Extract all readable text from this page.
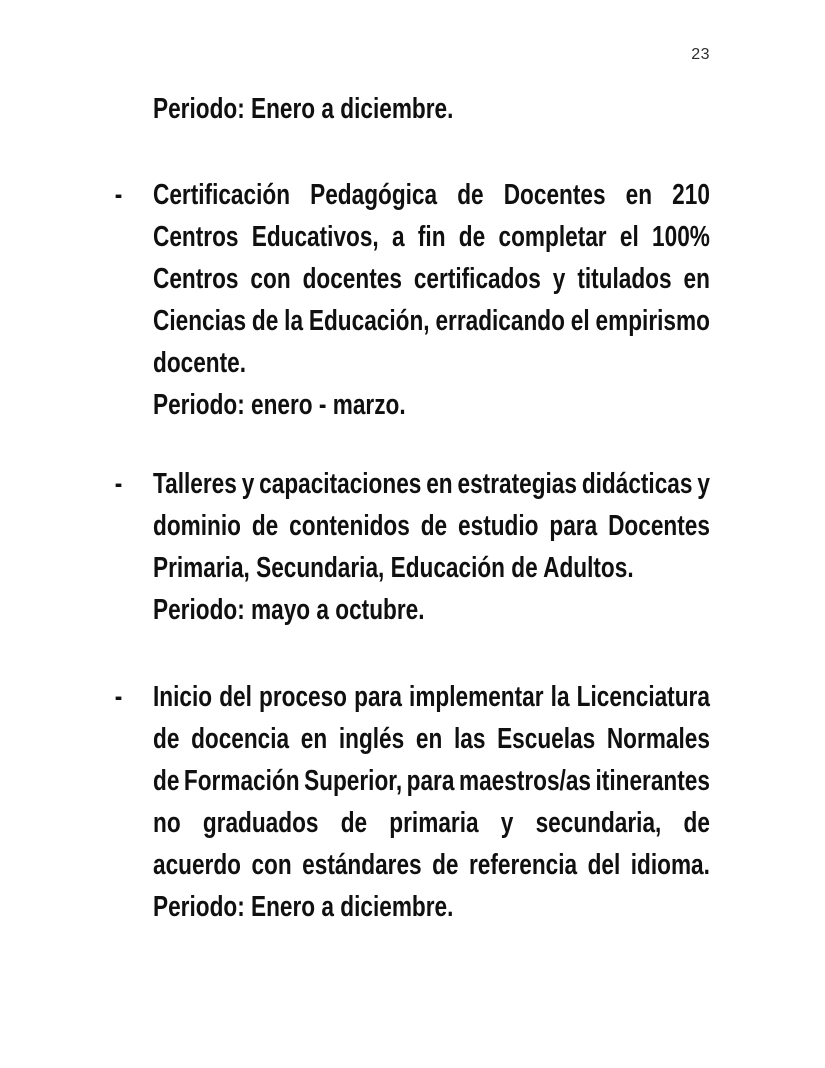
23
Periodo: Enero a diciembre.
- Certificación Pedagógica de Docentes en 210
Centros Educativos, a fin de completar el 100%
Centros con docentes certificados y titulados en
Ciencias de la Educación, erradicando el empirismo
docente.
Periodo: enero - marzo.
- Talleres y capacitaciones en estrategias didácticas y
dominio de contenidos de estudio para Docentes
Primaria, Secundaria, Educación de Adultos.
Periodo: mayo a octubre.
- Inicio del proceso para implementar la Licenciatura
de docencia en inglés en las Escuelas Normales
de Formación Superior, para maestros/as itinerantes
no graduados de primaria y secundaria, de
acuerdo con estándares de referencia del idioma.
Periodo: Enero a diciembre.
